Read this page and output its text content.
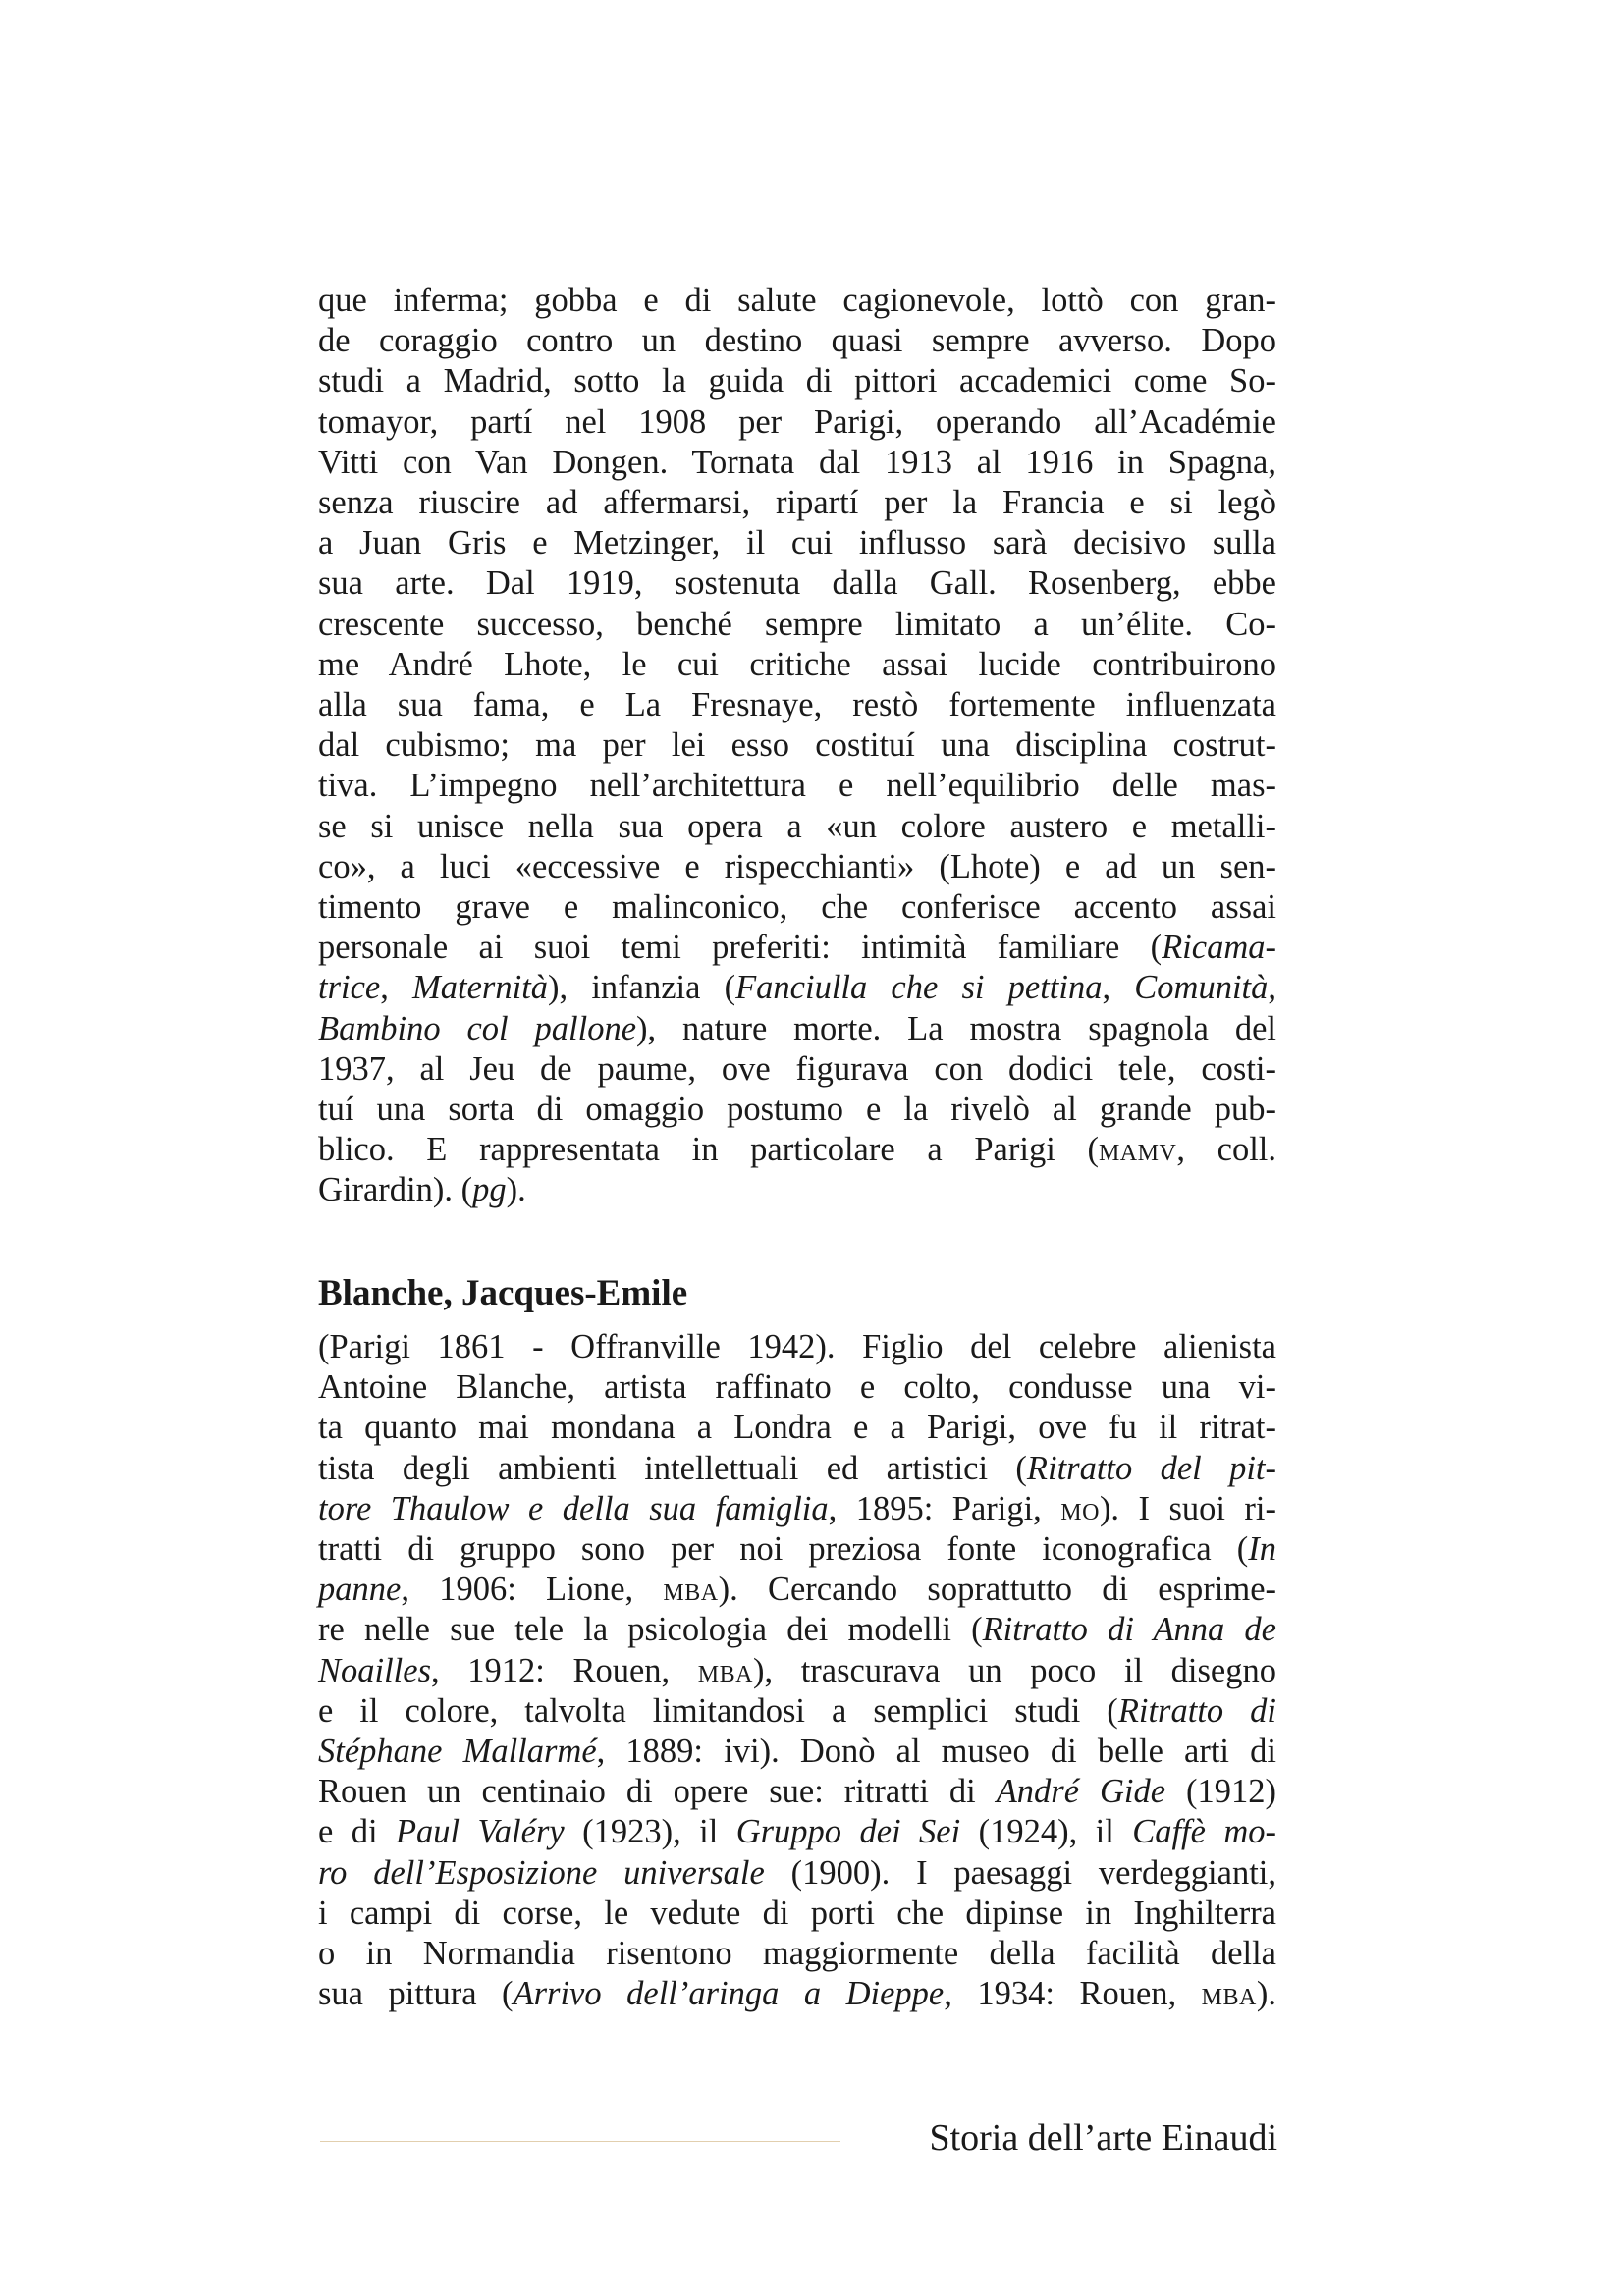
que inferma; gobba e di salute cagionevole, lottò con gran-
de coraggio contro un destino quasi sempre avverso. Dopo
studi a Madrid, sotto la guida di pittori accademici come So-
tomayor, partí nel 1908 per Parigi, operando all’Académie
Vitti con Van Dongen. Tornata dal 1913 al 1916 in Spagna,
senza riuscire ad affermarsi, ripartí per la Francia e si legò
a Juan Gris e Metzinger, il cui influsso sarà decisivo sulla
sua arte. Dal 1919, sostenuta dalla Gall. Rosenberg, ebbe
crescente successo, benché sempre limitato a un’élite. Co-
me André Lhote, le cui critiche assai lucide contribuirono
alla sua fama, e La Fresnaye, restò fortemente influenzata
dal cubismo; ma per lei esso costituí una disciplina costrut-
tiva. L’impegno nell’architettura e nell’equilibrio delle mas-
se si unisce nella sua opera a «un colore austero e metalli-
co», a luci «eccessive e rispecchianti» (Lhote) e ad un sen-
timento grave e malinconico, che conferisce accento assai
personale ai suoi temi preferiti: intimità familiare (Ricama-
trice, Maternità), infanzia (Fanciulla che si pettina, Comunità,
Bambino col pallone), nature morte. La mostra spagnola del
1937, al Jeu de paume, ove figurava con dodici tele, costi-
tuí una sorta di omaggio postumo e la rivelò al grande pub-
blico. E rappresentata in particolare a Parigi (mamv, coll.
Girardin). (pg).
Blanche, Jacques-Emile
(Parigi 1861 - Offranville 1942). Figlio del celebre alienista
Antoine Blanche, artista raffinato e colto, condusse una vi-
ta quanto mai mondana a Londra e a Parigi, ove fu il ritrat-
tista degli ambienti intellettuali ed artistici (Ritratto del pit-
tore Thaulow e della sua famiglia, 1895: Parigi, mo). I suoi ri-
tratti di gruppo sono per noi preziosa fonte iconografica (In
panne, 1906: Lione, mba). Cercando soprattutto di esprime-
re nelle sue tele la psicologia dei modelli (Ritratto di Anna de
Noailles, 1912: Rouen, mba), trascurava un poco il disegno
e il colore, talvolta limitandosi a semplici studi (Ritratto di
Stéphane Mallarmé, 1889: ivi). Donò al museo di belle arti di
Rouen un centinaio di opere sue: ritratti di André Gide (1912)
e di Paul Valéry (1923), il Gruppo dei Sei (1924), il Caffè mo-
ro dell’Esposizione universale (1900). I paesaggi verdeggianti,
i campi di corse, le vedute di porti che dipinse in Inghilterra
o in Normandia risentono maggiormente della facilità della
sua pittura (Arrivo dell’aringa a Dieppe, 1934: Rouen, mba).
Storia dell’arte Einaudi
